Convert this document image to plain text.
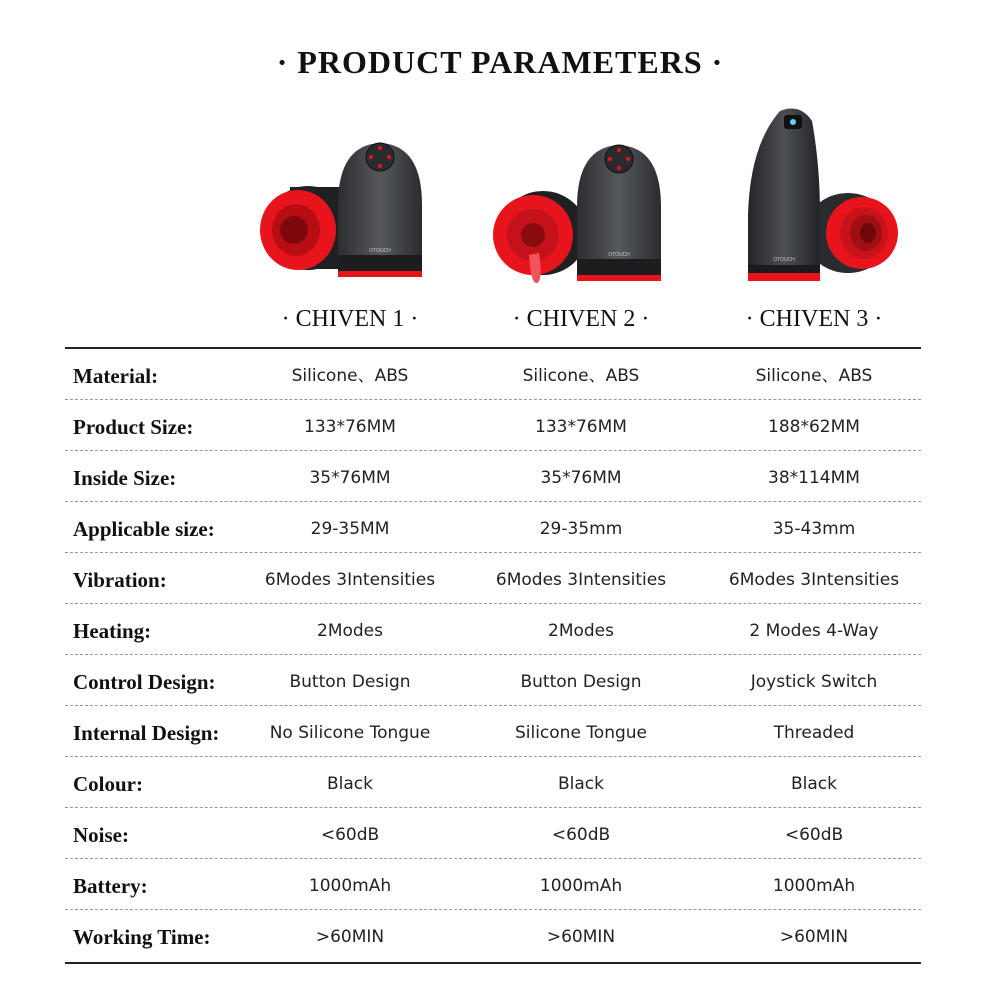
· PRODUCT PARAMETERS ·
OTOUCH
OTOUCH
OTOUCH
· CHIVEN 1 ·	· CHIVEN 2 ·	· CHIVEN 3 ·
Material:	Silicone、ABS	Silicone、ABS	Silicone、ABS
Product Size:	133*76MM	133*76MM	188*62MM
Inside Size:	35*76MM	35*76MM	38*114MM
Applicable size:	29-35MM	29-35mm	35-43mm
Vibration:	6Modes 3Intensities	6Modes 3Intensities	6Modes 3Intensities
Heating:	2Modes	2Modes	2 Modes 4-Way
Control Design:	Button Design	Button Design	Joystick Switch
Internal Design:	No Silicone Tongue	Silicone Tongue	Threaded
Colour:	Black	Black	Black
Noise:	<60dB	<60dB	<60dB
Battery:	1000mAh	1000mAh	1000mAh
Working Time:	>60MIN	>60MIN	>60MIN
